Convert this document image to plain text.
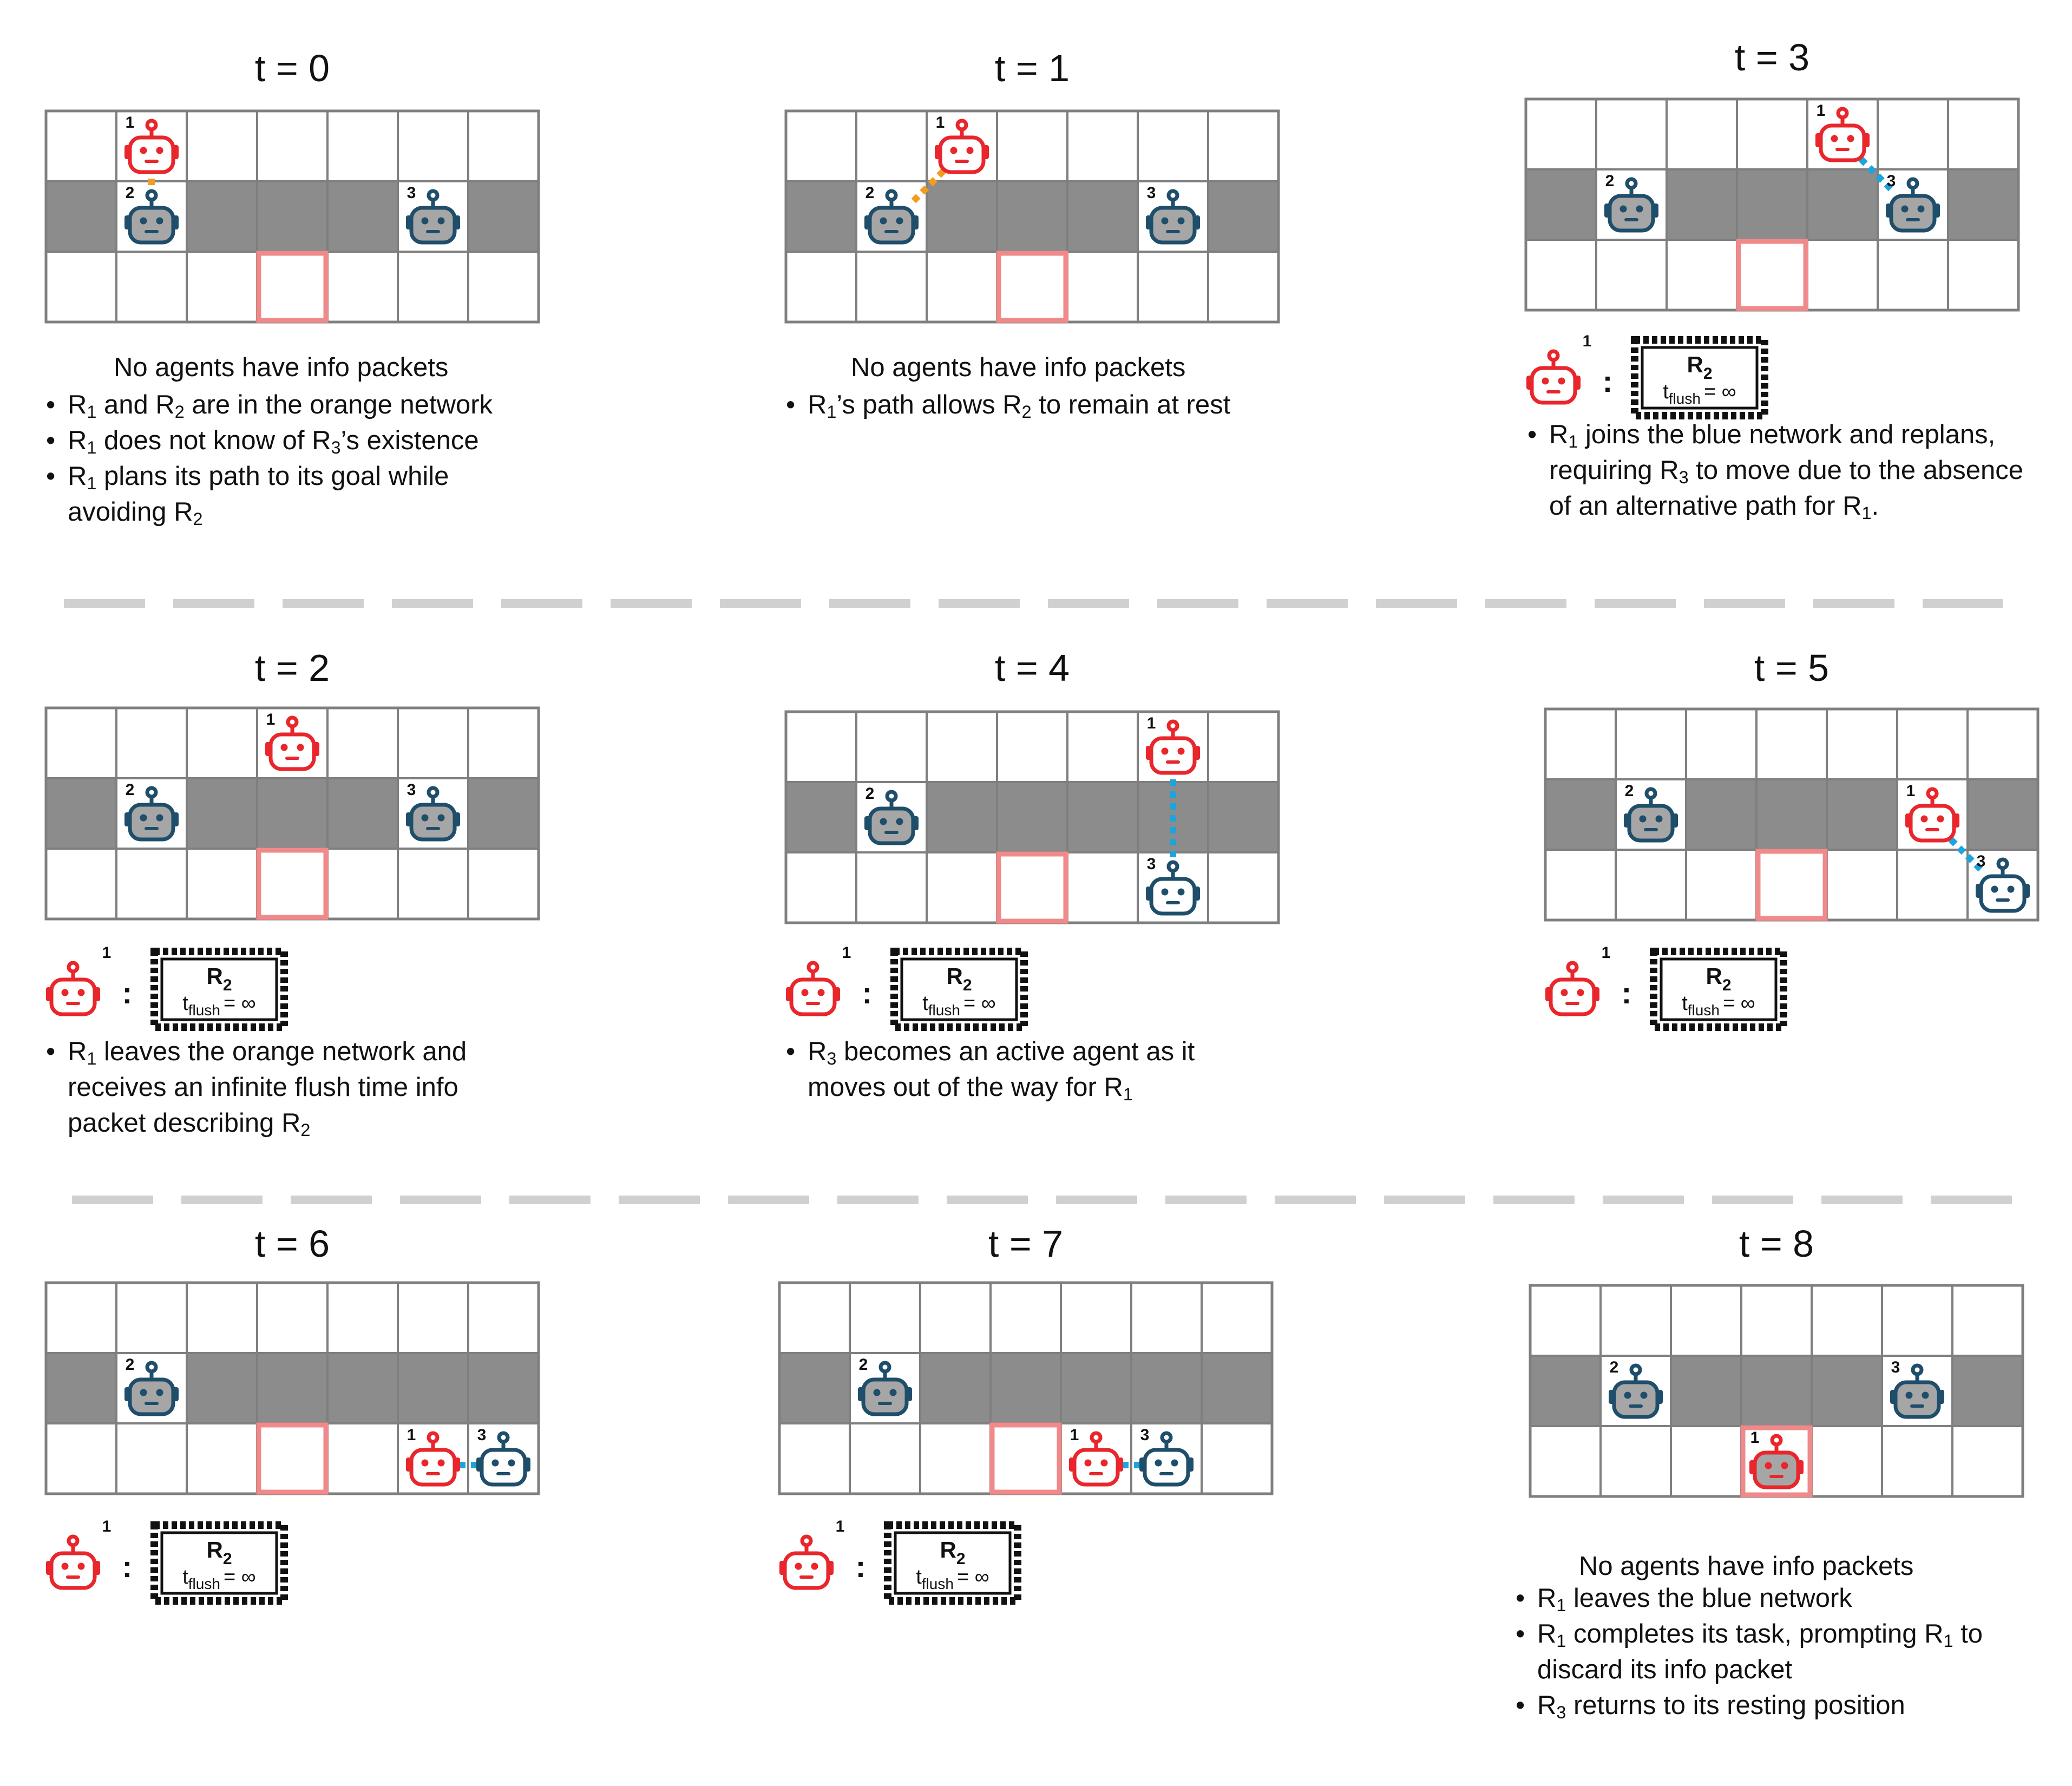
t = 0
1
2	3
t = 1
1
2	3
t = 3
1
2	3
1
:	$R_2$
$t_{flush}$ = ∞
t = 2
1
2	3
1
:	$R_2$
$t_{flush}$ = ∞
t = 4
1
2
3
1
:	$R_2$
$t_{flush}$ = ∞
t = 5
1
2
3
1
:	$R_2$
$t_{flush}$ = ∞
t = 6
1
2
3
1
:	$R_2$
$t_{flush}$ = ∞
t = 7
1
2
3
1
:	$R_2$
$t_{flush}$ = ∞
t = 8
1
2	3
No agents have info packets
• $R_1$ and $R_2$ are in the orange network
• $R_1$ does not know of $R_3’s$ existence
• $R_1$ plans its path to its goal while avoiding $R_2$
No agents have info packets
• $R_1’s$ path allows $R_2$ to remain at rest
• $R_1$ joins the blue network and replans, requiring $R_3$ to move due to the absence of an alternative path for $R_1$.
• $R_1$ leaves the orange network and receives an infinite flush time info packet describing $R_2$
• $R_3$ becomes an active agent as it moves out of the way for $R_1$
No agents have info packets
• $R_1$ leaves the blue network
• $R_1$ completes its task, prompting $R_1$ to discard its info packet
• $R_3$ returns to its resting position
